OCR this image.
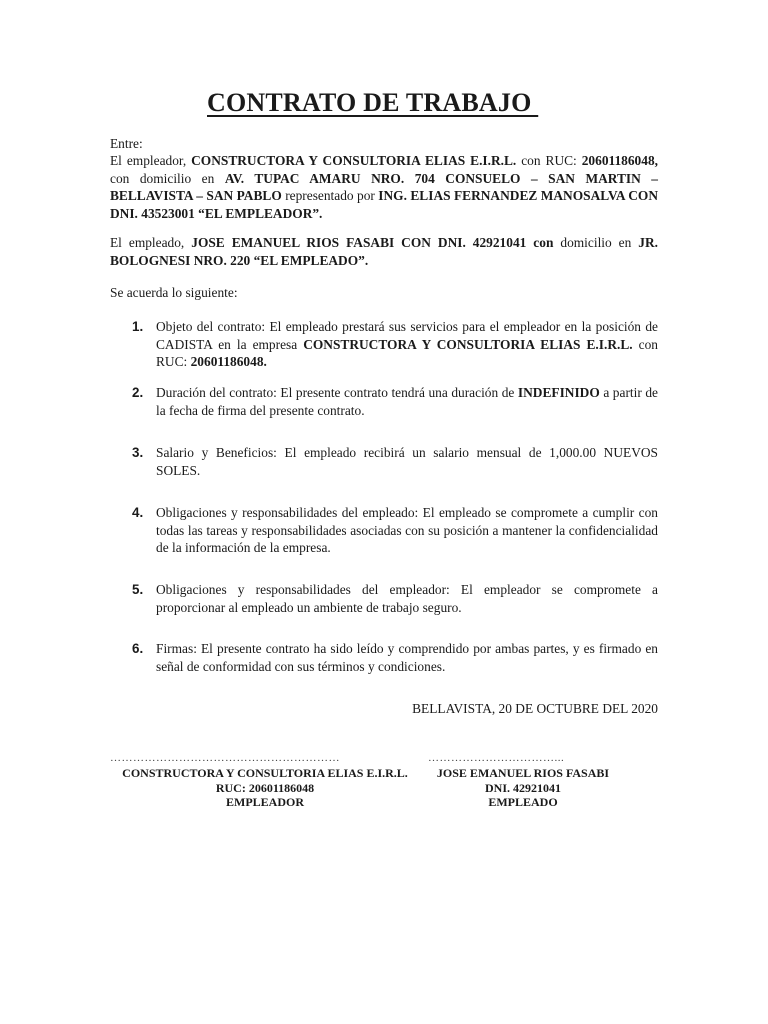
CONTRATO DE TRABAJO
Entre:
El empleador, CONSTRUCTORA Y CONSULTORIA ELIAS E.I.R.L. con RUC: 20601186048, con domicilio en AV. TUPAC AMARU NRO. 704 CONSUELO – SAN MARTIN – BELLAVISTA – SAN PABLO representado por ING. ELIAS FERNANDEZ MANOSALVA CON DNI. 43523001 “EL EMPLEADOR”.
El empleado, JOSE EMANUEL RIOS FASABI CON DNI. 42921041 con domicilio en JR. BOLOGNESI NRO. 220 “EL EMPLEADO”.
Se acuerda lo siguiente:
1. Objeto del contrato: El empleado prestará sus servicios para el empleador en la posición de CADISTA en la empresa CONSTRUCTORA Y CONSULTORIA ELIAS E.I.R.L. con RUC: 20601186048.
2. Duración del contrato: El presente contrato tendrá una duración de INDEFINIDO a partir de la fecha de firma del presente contrato.
3. Salario y Beneficios: El empleado recibirá un salario mensual de 1,000.00 NUEVOS SOLES.
4. Obligaciones y responsabilidades del empleado: El empleado se compromete a cumplir con todas las tareas y responsabilidades asociadas con su posición a mantener la confidencialidad de la información de la empresa.
5. Obligaciones y responsabilidades del empleador: El empleador se compromete a proporcionar al empleado un ambiente de trabajo seguro.
6. Firmas: El presente contrato ha sido leído y comprendido por ambas partes, y es firmado en señal de conformidad con sus términos y condiciones.
BELLAVISTA, 20 DE OCTUBRE DEL 2020
……………………………………………………	……………………………...
CONSTRUCTORA Y CONSULTORIA ELIAS E.I.R.L.
RUC: 20601186048
EMPLEADOR
JOSE EMANUEL RIOS FASABI
DNI. 42921041
EMPLEADO
